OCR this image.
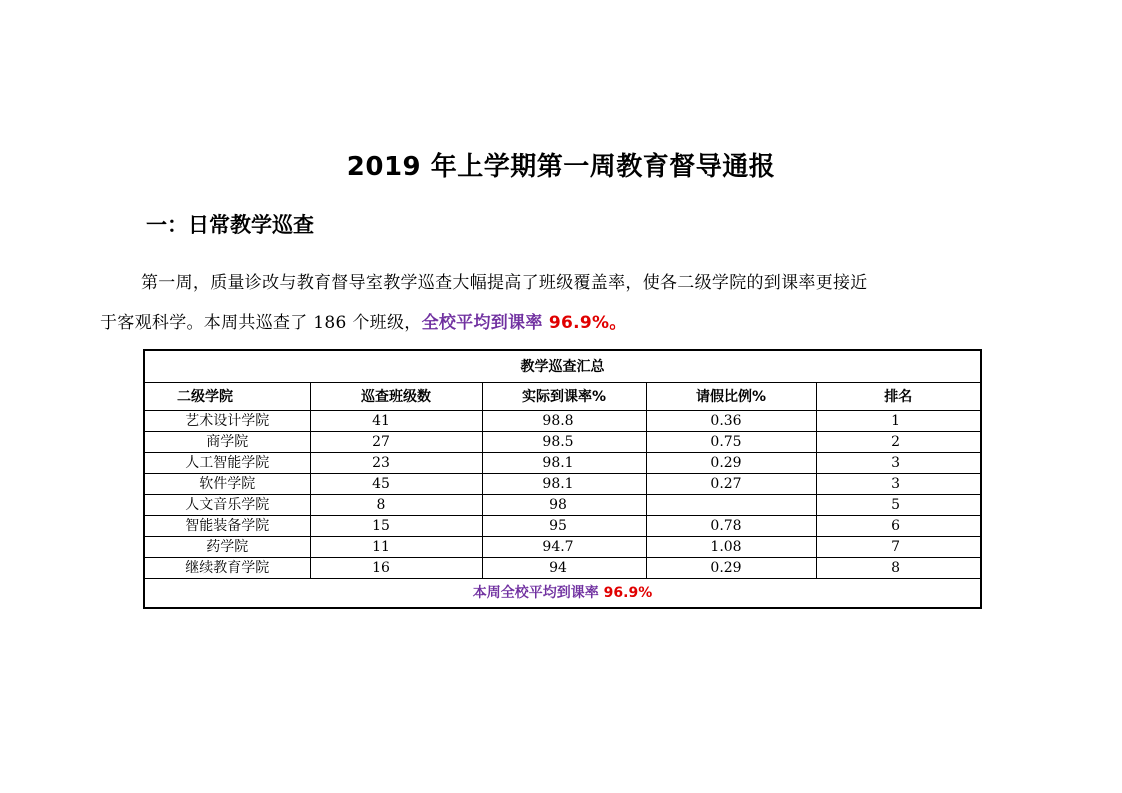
2019 年上学期第一周教育督导通报
一：日常教学巡查

第一周，质量诊改与教育督导室教学巡查大幅提高了班级覆盖率，使各二级学院的到课率更接近

于客观科学。本周共巡查了 186 个班级，全校平均到课率 96.9%。

教学巡查汇总				
二级学院	巡查班级数	实际到课率%	请假比例%	排名
艺术设计学院	41	98.8	0.36	1
商学院	27	98.5	0.75	2
人工智能学院	23	98.1	0.29	3
软件学院	45	98.1	0.27	3
人文音乐学院	8	98		5
智能装备学院	15	95	0.78	6
药学院	11	94.7	1.08	7
继续教育学院	16	94	0.29	8
本周全校平均到课率 96.9%				
